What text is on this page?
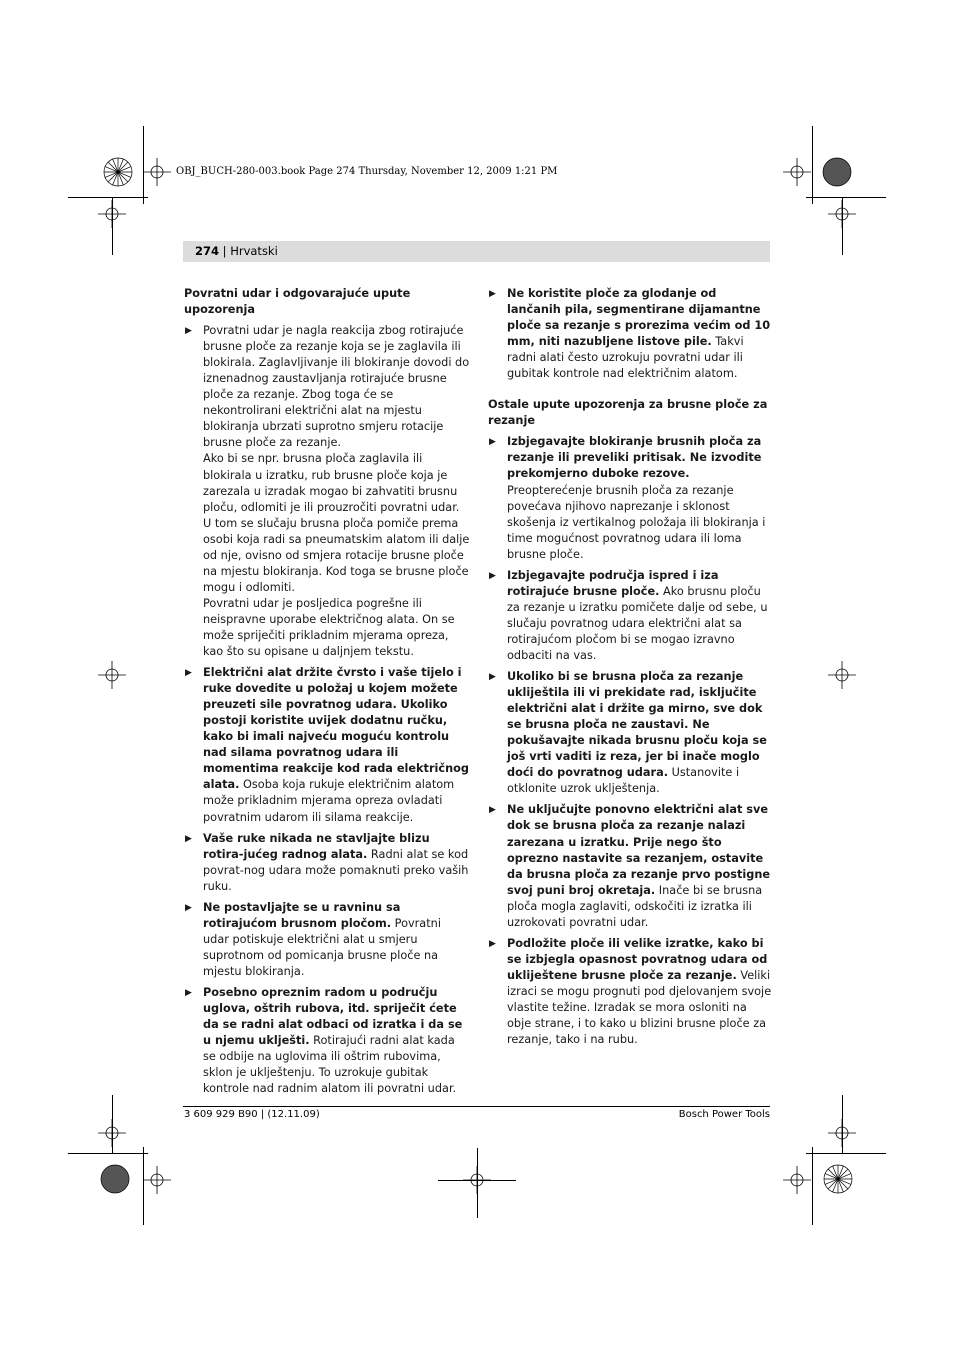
OBJ_BUCH-280-003.book Page 274 Thursday, November 12, 2009 1:21 PM
274 | Hrvatski
Povratni udar i odgovarajuće upute upozorenja
▶ Povratni udar je nagla reakcija zbog rotirajuće brusne ploče za rezanje koja se je zaglavila ili blokirala. Zaglavljivanje ili blokiranje dovodi do iznenadnog zaustavljanja rotirajuće brusne ploče za rezanje. Zbog toga će se nekontrolirani električni alat na mjestu blokiranja ubrzati suprotno smjeru rotacije brusne ploče za rezanje.
Ako bi se npr. brusna ploča zaglavila ili blokirala u izratku, rub brusne ploče koja je zarezala u izradak mogao bi zahvatiti brusnu ploču, odlomiti je ili prouzročiti povratni udar. U tom se slučaju brusna ploča pomiče prema osobi koja radi sa pneumatskim alatom ili dalje od nje, ovisno od smjera rotacije brusne ploče na mjestu blokiranja. Kod toga se brusne ploče mogu i odlomiti.
Povratni udar je posljedica pogrešne ili neispravne uporabe električnog alata. On se može spriječiti prikladnim mjerama opreza, kao što su opisane u daljnjem tekstu.
▶ Električni alat držite čvrsto i vaše tijelo i ruke dovedite u položaj u kojem možete preuzeti sile povratnog udara. Ukoliko postoji koristite uvijek dodatnu ručku, kako bi imali najveću moguću kontrolu nad silama povratnog udara ili momentima reakcije kod rada električnog alata. Osoba koja rukuje električnim alatom može prikladnim mjerama opreza ovladati povratnim udarom ili silama reakcije.
▶ Vaše ruke nikada ne stavljajte blizu rotira-jućeg radnog alata. Radni alat se kod povrat-nog udara može pomaknuti preko vaših ruku.
▶ Ne postavljajte se u ravninu sa rotirajućom brusnom pločom. Povratni udar potiskuje električni alat u smjeru suprotnom od pomicanja brusne ploče na mjestu blokiranja.
▶ Posebno opreznim radom u području uglova, oštrih rubova, itd. spriječit ćete da se radni alat odbaci od izratka i da se u njemu uklješti. Rotirajući radni alat kada se odbije na uglovima ili oštrim rubovima, sklon je uklještenju. To uzrokuje gubitak kontrole nad radnim alatom ili povratni udar.
▶ Ne koristite ploče za glodanje od lančanih pila, segmentirane dijamantne ploče sa rezanje s prorezima većim od 10 mm, niti nazubljene listove pile. Takvi radni alati često uzrokuju povratni udar ili gubitak kontrole nad električnim alatom.
Ostale upute upozorenja za brusne ploče za rezanje
▶ Izbjegavajte blokiranje brusnih ploča za rezanje ili preveliki pritisak. Ne izvodite prekomjerno duboke rezove. Preopterećenje brusnih ploča za rezanje povećava njihovo naprezanje i sklonost skošenja iz vertikalnog položaja ili blokiranja i time mogućnost povratnog udara ili loma brusne ploče.
▶ Izbjegavajte područja ispred i iza rotirajuće brusne ploče. Ako brusnu ploču za rezanje u izratku pomičete dalje od sebe, u slučaju povratnog udara električni alat sa rotirajućom pločom bi se mogao izravno odbaciti na vas.
▶ Ukoliko bi se brusna ploča za rezanje uklijеštila ili vi prekidate rad, isključite električni alat i držite ga mirno, sve dok se brusna ploča ne zaustavi. Ne pokušavajte nikada brusnu ploču koja se još vrti vaditi iz reza, jer bi inače moglo doći do povratnog udara. Ustanovite i otklonite uzrok uklještenja.
▶ Ne uključujte ponovno električni alat sve dok se brusna ploča za rezanje nalazi zarezana u izratku. Prije nego što oprezno nastavite sa rezanjem, ostavite da brusna ploča za rezanje prvo postigne svoj puni broj okretaja. Inače bi se brusna ploča mogla zaglaviti, odskočiti iz izratka ili uzrokovati povratni udar.
▶ Podložite ploče ili velike izratke, kako bi se izbjegla opasnost povratnog udara od uklijеštene brusne ploče za rezanje. Veliki izraci se mogu prognuti pod djelovanjem svoje vlastite težine. Izradak se mora osloniti na obje strane, i to kako u blizini brusne ploče za rezanje, tako i na rubu.
3 609 929 B90 | (12.11.09)	Bosch Power Tools
